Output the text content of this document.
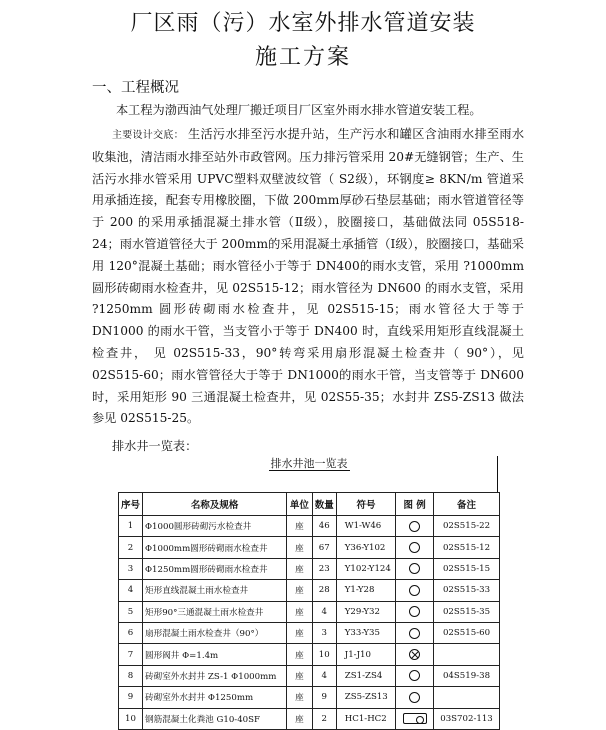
厂区雨（污）水室外排水管道安装
施工方案
一、工程概况
本工程为渤西油气处理厂搬迁项目厂区室外雨水排水管道安装工程。
主要设计交底： 生活污水排至污水提升站，生产污水和罐区含油雨水排至雨水收集池，清洁雨水排至站外市政管网。压力排污管采用 20#无缝钢管；生产、生活污水排水管采用 UPVC塑料双壁波纹管（ S2级），环钢度≥ 8KN/m 管道采用承插连接，配套专用橡胶圈，下做 200mm厚砂石垫层基础；雨水管道管径等于 200 的采用承插混凝土排水管（Ⅱ级），胶圈接口，基础做法同 05S518-24；雨水管道管径大于 200mm的采用混凝土承插管（Ⅰ级），胶圈接口，基础采用 120°混凝土基础；雨水管径小于等于 DN400的雨水支管，采用 ?1000mm 圆形砖砌雨水检查井，见 02S515-12；雨水管径为 DN600 的雨水支管，采用 ?1250mm 圆形砖砌雨水检查井，见 02S515-15；雨水管径大于等于 DN1000 的雨水干管，当支管小于等于 DN400 时，直线采用矩形直线混凝土检查井， 见 02S515-33，90°转弯采用扇形混凝土检查井（ 90°），见 02S515-60；雨水管管径大于等于 DN1000的雨水干管，当支管等于 DN600 时，采用矩形 90 三通混凝土检查井，见 02S55-35；水封井 ZS5-ZS13 做法参见 02S515-25。
排水井一览表：
排水井池一览表
序号	名称及规格	单位	数量	符号	图 例	备注
1	Φ1000圆形砖砌污水检查井	座	46	W1-W46		02S515-22
2	Φ1000mm圆形砖砌雨水检查井	座	67	Y36-Y102		02S515-12
3	Φ1250mm圆形砖砌雨水检查井	座	23	Y102-Y124		02S515-15
4	矩形直线混凝土雨水检查井	座	28	Y1-Y28		02S515-33
5	矩形90°三通混凝土雨水检查井	座	4	Y29-Y32		02S515-35
6	扇形混凝土雨水检查井（90°）	座	3	Y33-Y35		02S515-60
7	圆形阀井 Φ=1.4m	座	10	J1-J10		
8	砖砌室外水封井 ZS-1 Φ1000mm	座	4	ZS1-ZS4		04S519-38
9	砖砌室外水封井 Φ1250mm	座	9	ZS5-ZS13		
10	钢筋混凝土化粪池 G10-40SF	座	2	HC1-HC2		03S702-113
